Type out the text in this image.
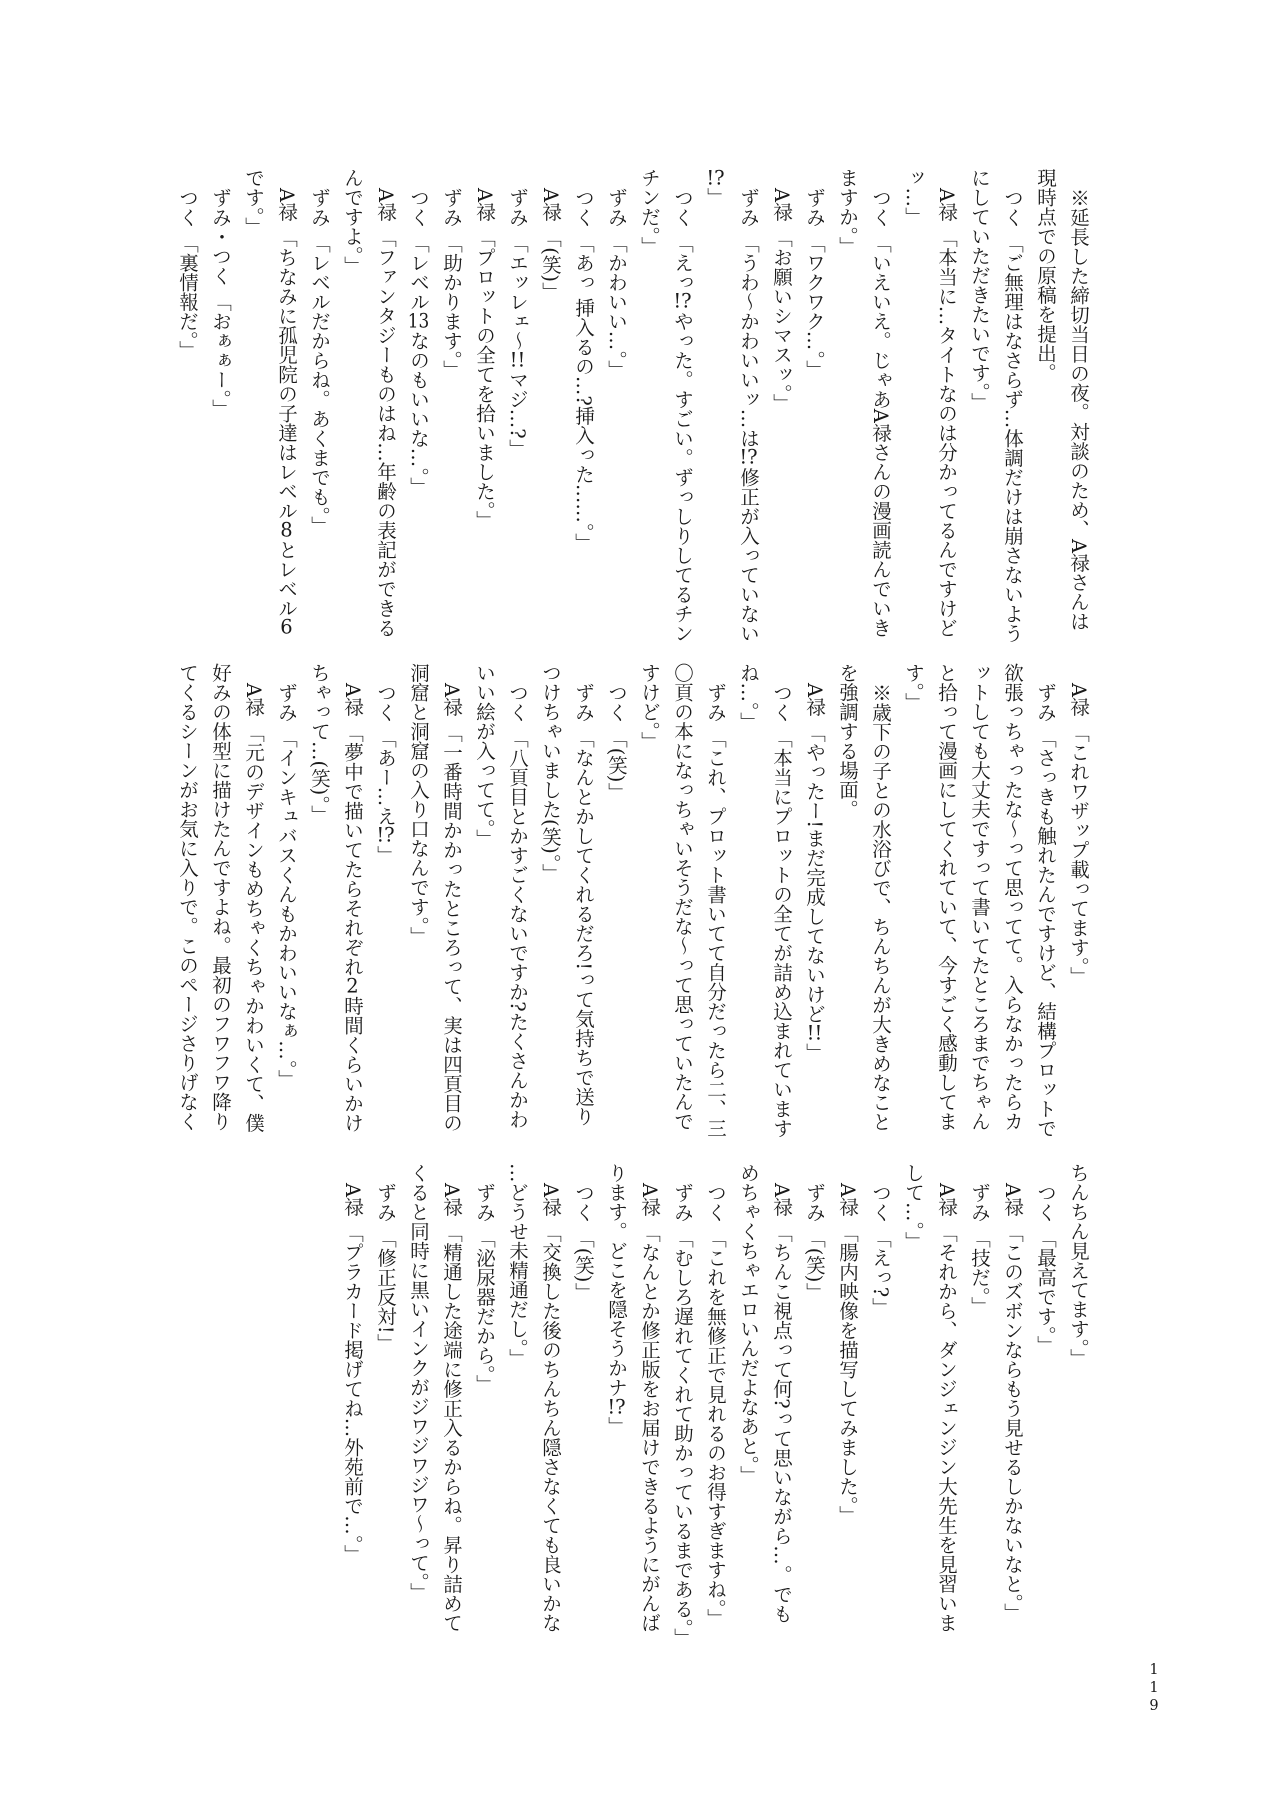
※延長した締切当日の夜。対談のため、A禄さんは

現時点での原稿を提出。

つく 「ご無理はなさらず…体調だけは崩さないよう

にしていただきたいです。」

A禄 「本当に…タイトなのは分かってるんですけど

ッ…」

つく 「いえいえ。じゃあA禄さんの漫画読んでいき

ますか。」

ずみ 「ワクワク…。」

A禄 「お願いシマスッ。」

ずみ 「うわ〜かわいいッ…は!?修正が入っていない

!?」

つく 「えっ!?やった。すごい。ずっしりしてるチン

チンだ。」

ずみ 「かわいい…。」

つく 「あっ 挿入るの…?挿入った……。」

A禄 「(笑)」

ずみ 「エッレェ〜!!マジ…?」

A禄 「プロットの全てを拾いました。」

ずみ 「助かります。」

つく 「レベル13なのもいいな…。」

A禄 「ファンタジーものはね…年齢の表記ができる

んですよ。」

ずみ 「レベルだからね。あくまでも。」

A禄 「ちなみに孤児院の子達はレベル8とレベル6

です。」

ずみ・つく 「おぁぁー。」

つく 「裏情報だ。」

A禄 「これワザップ載ってます。」

ずみ 「さっきも触れたんですけど、結構プロットで

欲張っちゃったな〜って思ってて。入らなかったらカ

ットしても大丈夫ですって書いてたところまでちゃん

と拾って漫画にしてくれていて、今すごく感動してま

す。」

※歳下の子との水浴びで、ちんちんが大きめなこと

を強調する場面。

A禄 「やったー!まだ完成してないけど!!」

つく 「本当にプロットの全てが詰め込まれています

ね…。」

ずみ 「これ、プロット書いてて自分だったら二、三

〇頁の本になっちゃいそうだな〜って思っていたんで

すけど。」

つく 「(笑)」

ずみ 「なんとかしてくれるだろ!って気持ちで送り

つけちゃいました(笑)。」

つく 「八頁目とかすごくないですか?たくさんかわ

いい絵が入ってて。」

A禄 「一番時間かかったところって、実は四頁目の

洞窟と洞窟の入り口なんです。」

つく 「あー…え!?」

A禄 「夢中で描いてたらそれぞれ2時間くらいかけ

ちゃって…(笑)。」

ずみ 「インキュバスくんもかわいいなぁ…。」

A禄 「元のデザインもめちゃくちゃかわいくて、僕

好みの体型に描けたんですよね。最初のフワフワ降り

てくるシーンがお気に入りで。このページさりげなく

ちんちん見えてます。」

つく 「最高です。」

A禄 「このズボンならもう見せるしかないなと。」

ずみ 「技だ。」

A禄 「それから、ダンジェンジン大先生を見習いま

して…。」

つく 「えっ?」

A禄 「腸内映像を描写してみました。」

ずみ 「(笑)」

A禄 「ちんこ視点って何?って思いながら…。でも

めちゃくちゃエロいんだよなあと。」

つく 「これを無修正で見れるのお得すぎますね。」

ずみ 「むしろ遅れてくれて助かっているまである。」

A禄 「なんとか修正版をお届けできるようにがんば

ります。どこを隠そうかナ!?」

つく 「(笑)」

A禄 「交換した後のちんちん隠さなくても良いかな

…どうせ未精通だし。」

ずみ 「泌尿器だから。」

A禄 「精通した途端に修正入るからね。昇り詰めて

くると同時に黒いインクがジワジワジワ〜って。」

ずみ 「修正反対!」

A禄 「プラカード掲げてね…外苑前で…。」

119
